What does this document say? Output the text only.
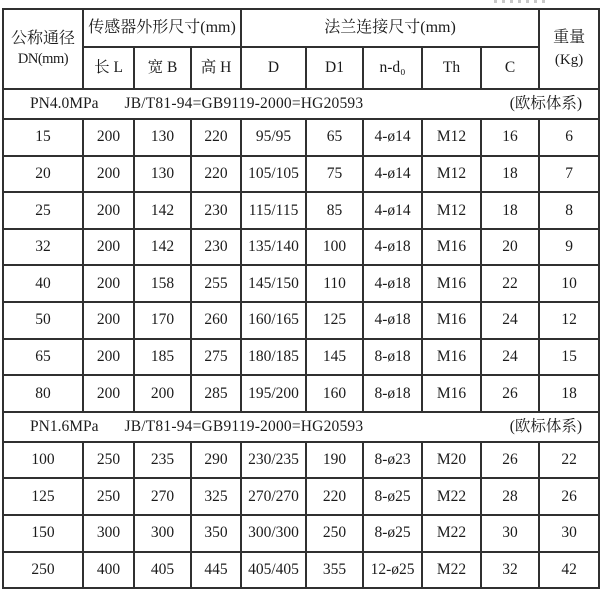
公称通径
DN(mm)
	传感器外形尺寸(mm)	法兰连接尺寸(mm)	
重量
(Kg)

	长 L	宽 B	高 H	D	D1	n-d₀	Th	C	

PN4.0MPa JB/T81-94=GB9119-2000=HG20593 (欧标体系)									

15	200	130	220	95/95	65	4-ø14	M12	16	6
20	200	130	220	105/105	75	4-ø14	M12	18	7
25	200	142	230	115/115	85	4-ø14	M12	18	8
32	200	142	230	135/140	100	4-ø18	M16	20	9
40	200	158	255	145/150	110	4-ø18	M16	22	10
50	200	170	260	160/165	125	4-ø18	M16	24	12
65	200	185	275	180/185	145	8-ø18	M16	24	15
80	200	200	285	195/200	160	8-ø18	M16	26	18

PN1.6MPa JB/T81-94=GB9119-2000=HG20593 (欧标体系)									

100	250	235	290	230/235	190	8-ø23	M20	26	22
125	250	270	325	270/270	220	8-ø25	M22	28	26
150	300	300	350	300/300	250	8-ø25	M22	30	30
250	400	405	445	405/405	355	12-ø25	M22	32	42
